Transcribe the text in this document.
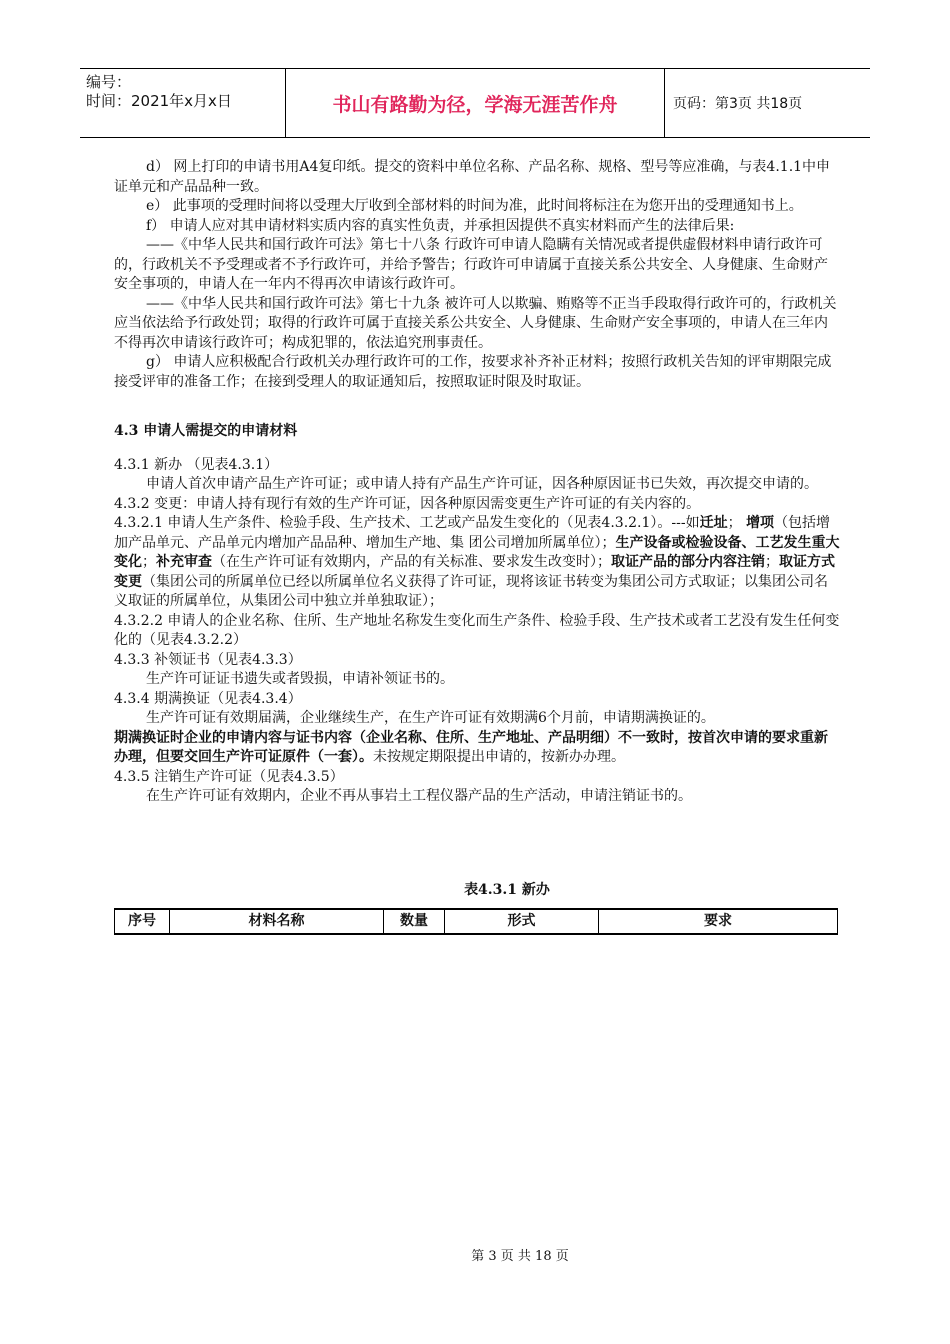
编号：
时间：2021年x月x日	书山有路勤为径，学海无涯苦作舟	页码：第3页 共18页

d） 网上打印的申请书用A4复印纸。提交的资料中单位名称、产品名称、规格、型号等应准确，与表4.1.1中申证单元和产品品种一致。

e） 此事项的受理时间将以受理大厅收到全部材料的时间为准，此时间将标注在为您开出的受理通知书上。

f） 申请人应对其申请材料实质内容的真实性负责，并承担因提供不真实材料而产生的法律后果:

——《中华人民共和国行政许可法》第七十八条 行政许可申请人隐瞒有关情况或者提供虚假材料申请行政许可的，行政机关不予受理或者不予行政许可，并给予警告；行政许可申请属于直接关系公共安全、人身健康、生命财产安全事项的，申请人在一年内不得再次申请该行政许可。

——《中华人民共和国行政许可法》第七十九条 被许可人以欺骗、贿赂等不正当手段取得行政许可的，行政机关应当依法给予行政处罚；取得的行政许可属于直接关系公共安全、人身健康、生命财产安全事项的，申请人在三年内不得再次申请该行政许可；构成犯罪的，依法追究刑事责任。

g） 申请人应积极配合行政机关办理行政许可的工作，按要求补齐补正材料；按照行政机关告知的评审期限完成接受评审的准备工作；在接到受理人的取证通知后，按照取证时限及时取证。

4.3 申请人需提交的申请材料

4.3.1 新办 （见表4.3.1）

申请人首次申请产品生产许可证；或申请人持有产品生产许可证，因各种原因证书已失效，再次提交申请的。

4.3.2 变更：申请人持有现行有效的生产许可证，因各种原因需变更生产许可证的有关内容的。

4.3.2.1 申请人生产条件、检验手段、生产技术、工艺或产品发生变化的（见表4.3.2.1）。---如迁址； 增项（包括增加产品单元、产品单元内增加产品品种、增加生产地、集 团公司增加所属单位）；生产设备或检验设备、工艺发生重大变化；补充审查（在生产许可证有效期内，产品的有关标准、要求发生改变时）；取证产品的部分内容注销；取证方式变更（集团公司的所属单位已经以所属单位名义获得了许可证，现将该证书转变为集团公司方式取证；以集团公司名义取证的所属单位，从集团公司中独立并单独取证）；

4.3.2.2 申请人的企业名称、住所、生产地址名称发生变化而生产条件、检验手段、生产技术或者工艺没有发生任何变化的（见表4.3.2.2）

4.3.3 补领证书（见表4.3.3）

生产许可证证书遗失或者毁损，申请补领证书的。

4.3.4 期满换证（见表4.3.4）

生产许可证有效期届满，企业继续生产，在生产许可证有效期满6个月前，申请期满换证的。

期满换证时企业的申请内容与证书内容（企业名称、住所、生产地址、产品明细）不一致时，按首次申请的要求重新办理，但要交回生产许可证原件（一套）。未按规定期限提出申请的，按新办办理。

4.3.5 注销生产许可证（见表4.3.5）

在生产许可证有效期内，企业不再从事岩土工程仪器产品的生产活动，申请注销证书的。

表4.3.1 新办

序号	材料名称	数量	形式	要求
第 3 页 共 18 页
